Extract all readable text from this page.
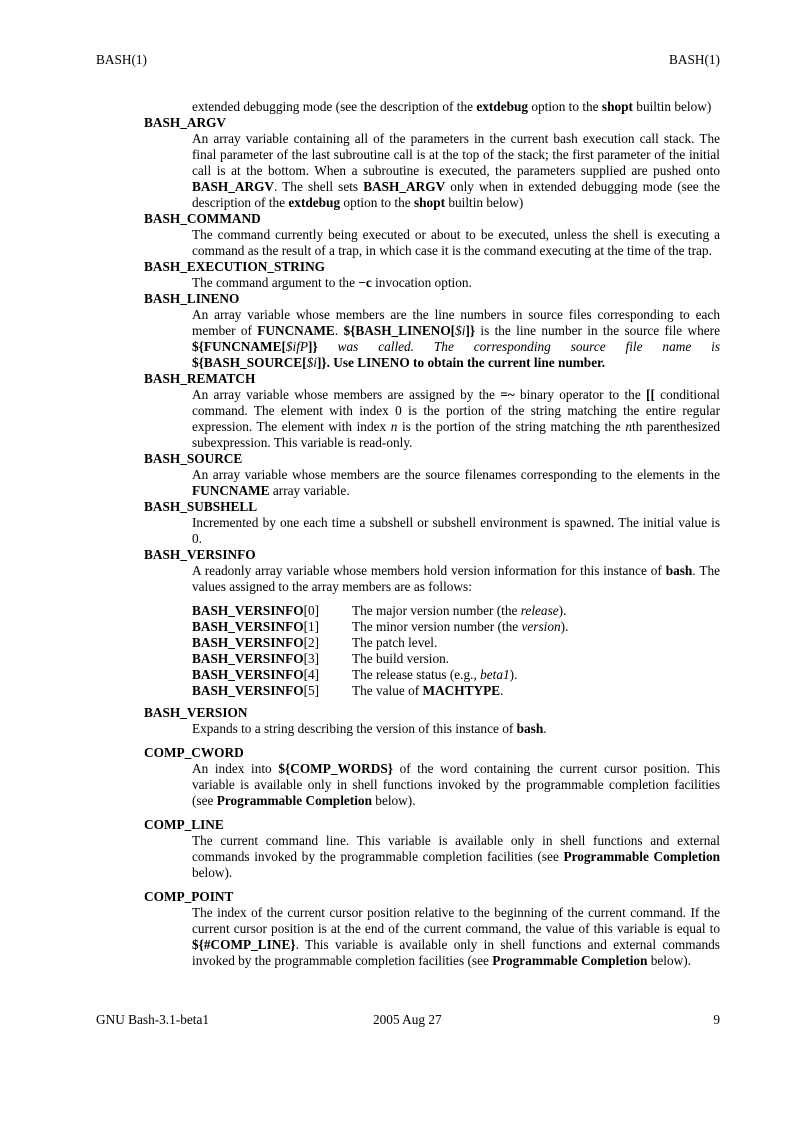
BASH(1)	BASH(1)
extended debugging mode (see the description of the extdebug option to the shopt builtin below)
BASH_ARGV
An array variable containing all of the parameters in the current bash execution call stack. The final parameter of the last subroutine call is at the top of the stack; the first parameter of the initial call is at the bottom. When a subroutine is executed, the parameters supplied are pushed onto BASH_ARGV. The shell sets BASH_ARGV only when in extended debugging mode (see the description of the extdebug option to the shopt builtin below)
BASH_COMMAND
The command currently being executed or about to be executed, unless the shell is executing a command as the result of a trap, in which case it is the command executing at the time of the trap.
BASH_EXECUTION_STRING
The command argument to the −c invocation option.
BASH_LINENO
An array variable whose members are the line numbers in source files corresponding to each member of FUNCNAME. ${BASH_LINENO[$i]} is the line number in the source file where ${FUNCNAME[$ifP]} was called. The corresponding source file name is
${BASH_SOURCE[$i]}. Use LINENO to obtain the current line number.
BASH_REMATCH
An array variable whose members are assigned by the =~ binary operator to the [[ conditional command. The element with index 0 is the portion of the string matching the entire regular expression. The element with index n is the portion of the string matching the nth parenthesized subexpression. This variable is read-only.
BASH_SOURCE
An array variable whose members are the source filenames corresponding to the elements in the FUNCNAME array variable.
BASH_SUBSHELL
Incremented by one each time a subshell or subshell environment is spawned. The initial value is 0.
BASH_VERSINFO
A readonly array variable whose members hold version information for this instance of bash. The values assigned to the array members are as follows:
BASH_VERSINFO[0]	The major version number (the release).
BASH_VERSINFO[1]	The minor version number (the version).
BASH_VERSINFO[2]	The patch level.
BASH_VERSINFO[3]	The build version.
BASH_VERSINFO[4]	The release status (e.g., beta1).
BASH_VERSINFO[5]	The value of MACHTYPE.
BASH_VERSION
Expands to a string describing the version of this instance of bash.
COMP_CWORD
An index into ${COMP_WORDS} of the word containing the current cursor position. This variable is available only in shell functions invoked by the programmable completion facilities (see Programmable Completion below).
COMP_LINE
The current command line. This variable is available only in shell functions and external commands invoked by the programmable completion facilities (see Programmable Completion below).
COMP_POINT
The index of the current cursor position relative to the beginning of the current command. If the current cursor position is at the end of the current command, the value of this variable is equal to ${#COMP_LINE}. This variable is available only in shell functions and external commands invoked by the programmable completion facilities (see Programmable Completion below).
GNU Bash-3.1-beta1	2005 Aug 27	9
